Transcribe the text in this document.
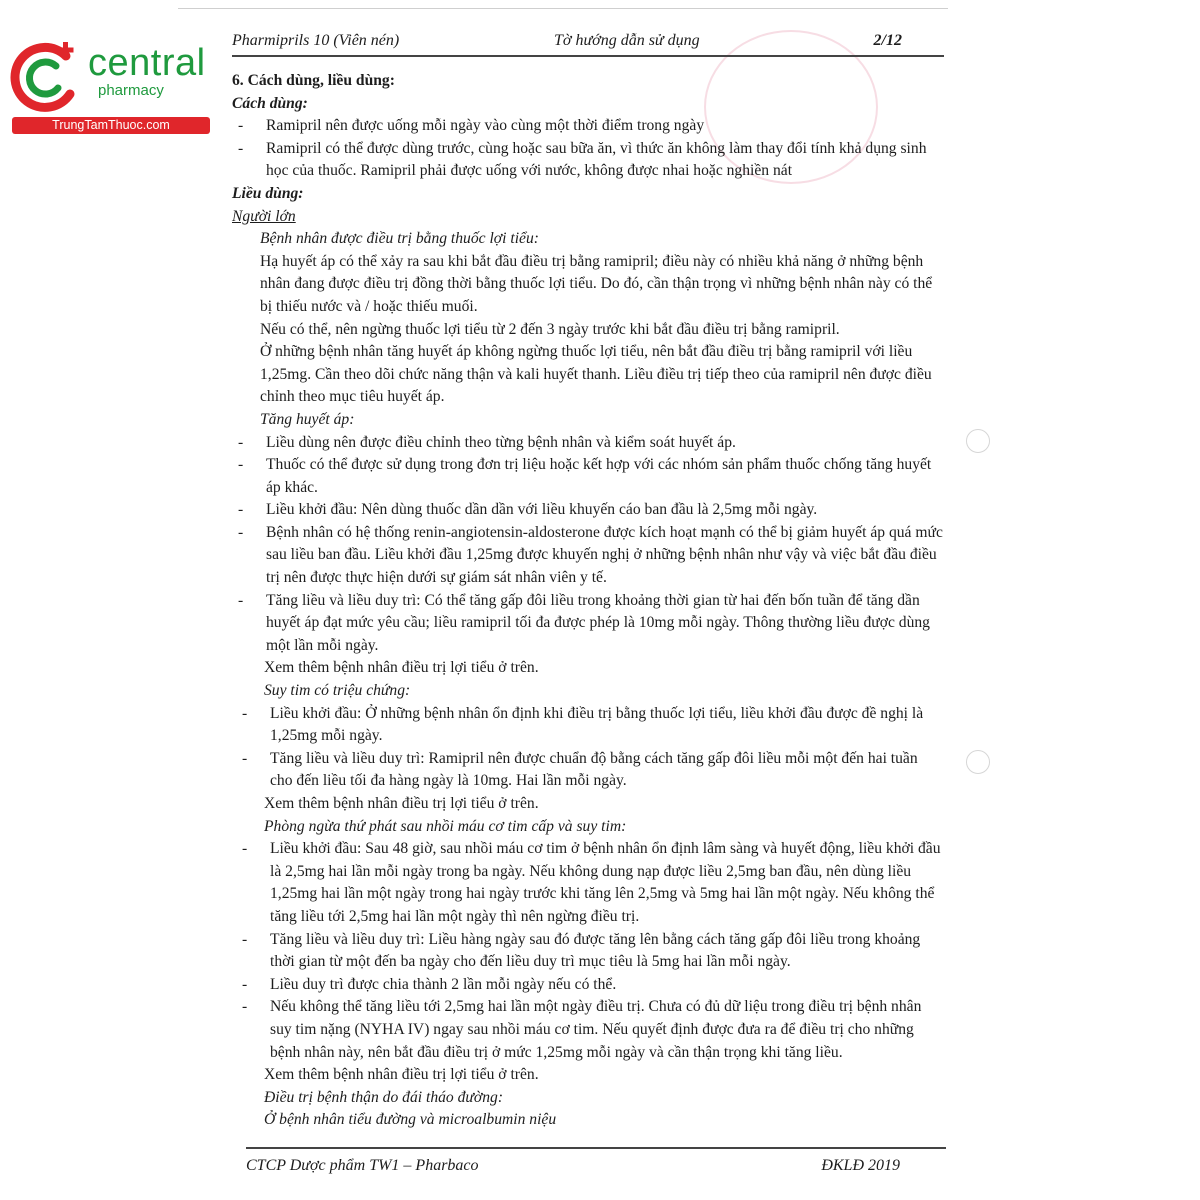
central
pharmacy
TrungTamThuoc.com
Pharmiprils 10 (Viên nén)	Tờ hướng dẫn sử dụng	2/12
6. Cách dùng, liều dùng:
Cách dùng:
- Ramipril nên được uống mỗi ngày vào cùng một thời điểm trong ngày
- Ramipril có thể được dùng trước, cùng hoặc sau bữa ăn, vì thức ăn không làm thay đổi tính khả dụng sinh học của thuốc. Ramipril phải được uống với nước, không được nhai hoặc nghiền nát
Liều dùng:
Người lớn
Bệnh nhân được điều trị bằng thuốc lợi tiểu:
Hạ huyết áp có thể xảy ra sau khi bắt đầu điều trị bằng ramipril; điều này có nhiều khả năng ở những bệnh nhân đang được điều trị đồng thời bằng thuốc lợi tiểu. Do đó, cần thận trọng vì những bệnh nhân này có thể bị thiếu nước và / hoặc thiếu muối.
Nếu có thể, nên ngừng thuốc lợi tiểu từ 2 đến 3 ngày trước khi bắt đầu điều trị bằng ramipril.
Ở những bệnh nhân tăng huyết áp không ngừng thuốc lợi tiểu, nên bắt đầu điều trị bằng ramipril với liều 1,25mg. Cần theo dõi chức năng thận và kali huyết thanh. Liều điều trị tiếp theo của ramipril nên được điều chỉnh theo mục tiêu huyết áp.
Tăng huyết áp:
- Liều dùng nên được điều chỉnh theo từng bệnh nhân và kiểm soát huyết áp.
- Thuốc có thể được sử dụng trong đơn trị liệu hoặc kết hợp với các nhóm sản phẩm thuốc chống tăng huyết áp khác.
- Liều khởi đầu: Nên dùng thuốc dần dần với liều khuyến cáo ban đầu là 2,5mg mỗi ngày.
- Bệnh nhân có hệ thống renin-angiotensin-aldosterone được kích hoạt mạnh có thể bị giảm huyết áp quá mức sau liều ban đầu. Liều khởi đầu 1,25mg được khuyến nghị ở những bệnh nhân như vậy và việc bắt đầu điều trị nên được thực hiện dưới sự giám sát nhân viên y tế.
- Tăng liều và liều duy trì: Có thể tăng gấp đôi liều trong khoảng thời gian từ hai đến bốn tuần để tăng dần huyết áp đạt mức yêu cầu; liều ramipril tối đa được phép là 10mg mỗi ngày. Thông thường liều được dùng một lần mỗi ngày.
Xem thêm bệnh nhân điều trị lợi tiểu ở trên.
Suy tim có triệu chứng:
- Liều khởi đầu: Ở những bệnh nhân ổn định khi điều trị bằng thuốc lợi tiểu, liều khởi đầu được đề nghị là 1,25mg mỗi ngày.
- Tăng liều và liều duy trì: Ramipril nên được chuẩn độ bằng cách tăng gấp đôi liều mỗi một đến hai tuần cho đến liều tối đa hàng ngày là 10mg. Hai lần mỗi ngày.
Xem thêm bệnh nhân điều trị lợi tiểu ở trên.
Phòng ngừa thứ phát sau nhồi máu cơ tim cấp và suy tim:
- Liều khởi đầu: Sau 48 giờ, sau nhồi máu cơ tim ở bệnh nhân ổn định lâm sàng và huyết động, liều khởi đầu là 2,5mg hai lần mỗi ngày trong ba ngày. Nếu không dung nạp được liều 2,5mg ban đầu, nên dùng liều 1,25mg hai lần một ngày trong hai ngày trước khi tăng lên 2,5mg và 5mg hai lần một ngày. Nếu không thể tăng liều tới 2,5mg hai lần một ngày thì nên ngừng điều trị.
- Tăng liều và liều duy trì: Liều hàng ngày sau đó được tăng lên bằng cách tăng gấp đôi liều trong khoảng thời gian từ một đến ba ngày cho đến liều duy trì mục tiêu là 5mg hai lần mỗi ngày.
- Liều duy trì được chia thành 2 lần mỗi ngày nếu có thể.
- Nếu không thể tăng liều tới 2,5mg hai lần một ngày điều trị. Chưa có đủ dữ liệu trong điều trị bệnh nhân suy tim nặng (NYHA IV) ngay sau nhồi máu cơ tim. Nếu quyết định được đưa ra để điều trị cho những bệnh nhân này, nên bắt đầu điều trị ở mức 1,25mg mỗi ngày và cần thận trọng khi tăng liều.
Xem thêm bệnh nhân điều trị lợi tiểu ở trên.
Điều trị bệnh thận do đái tháo đường:
Ở bệnh nhân tiểu đường và microalbumin niệu
CTCP Dược phẩm TW1 – Pharbaco	ĐKLĐ 2019
